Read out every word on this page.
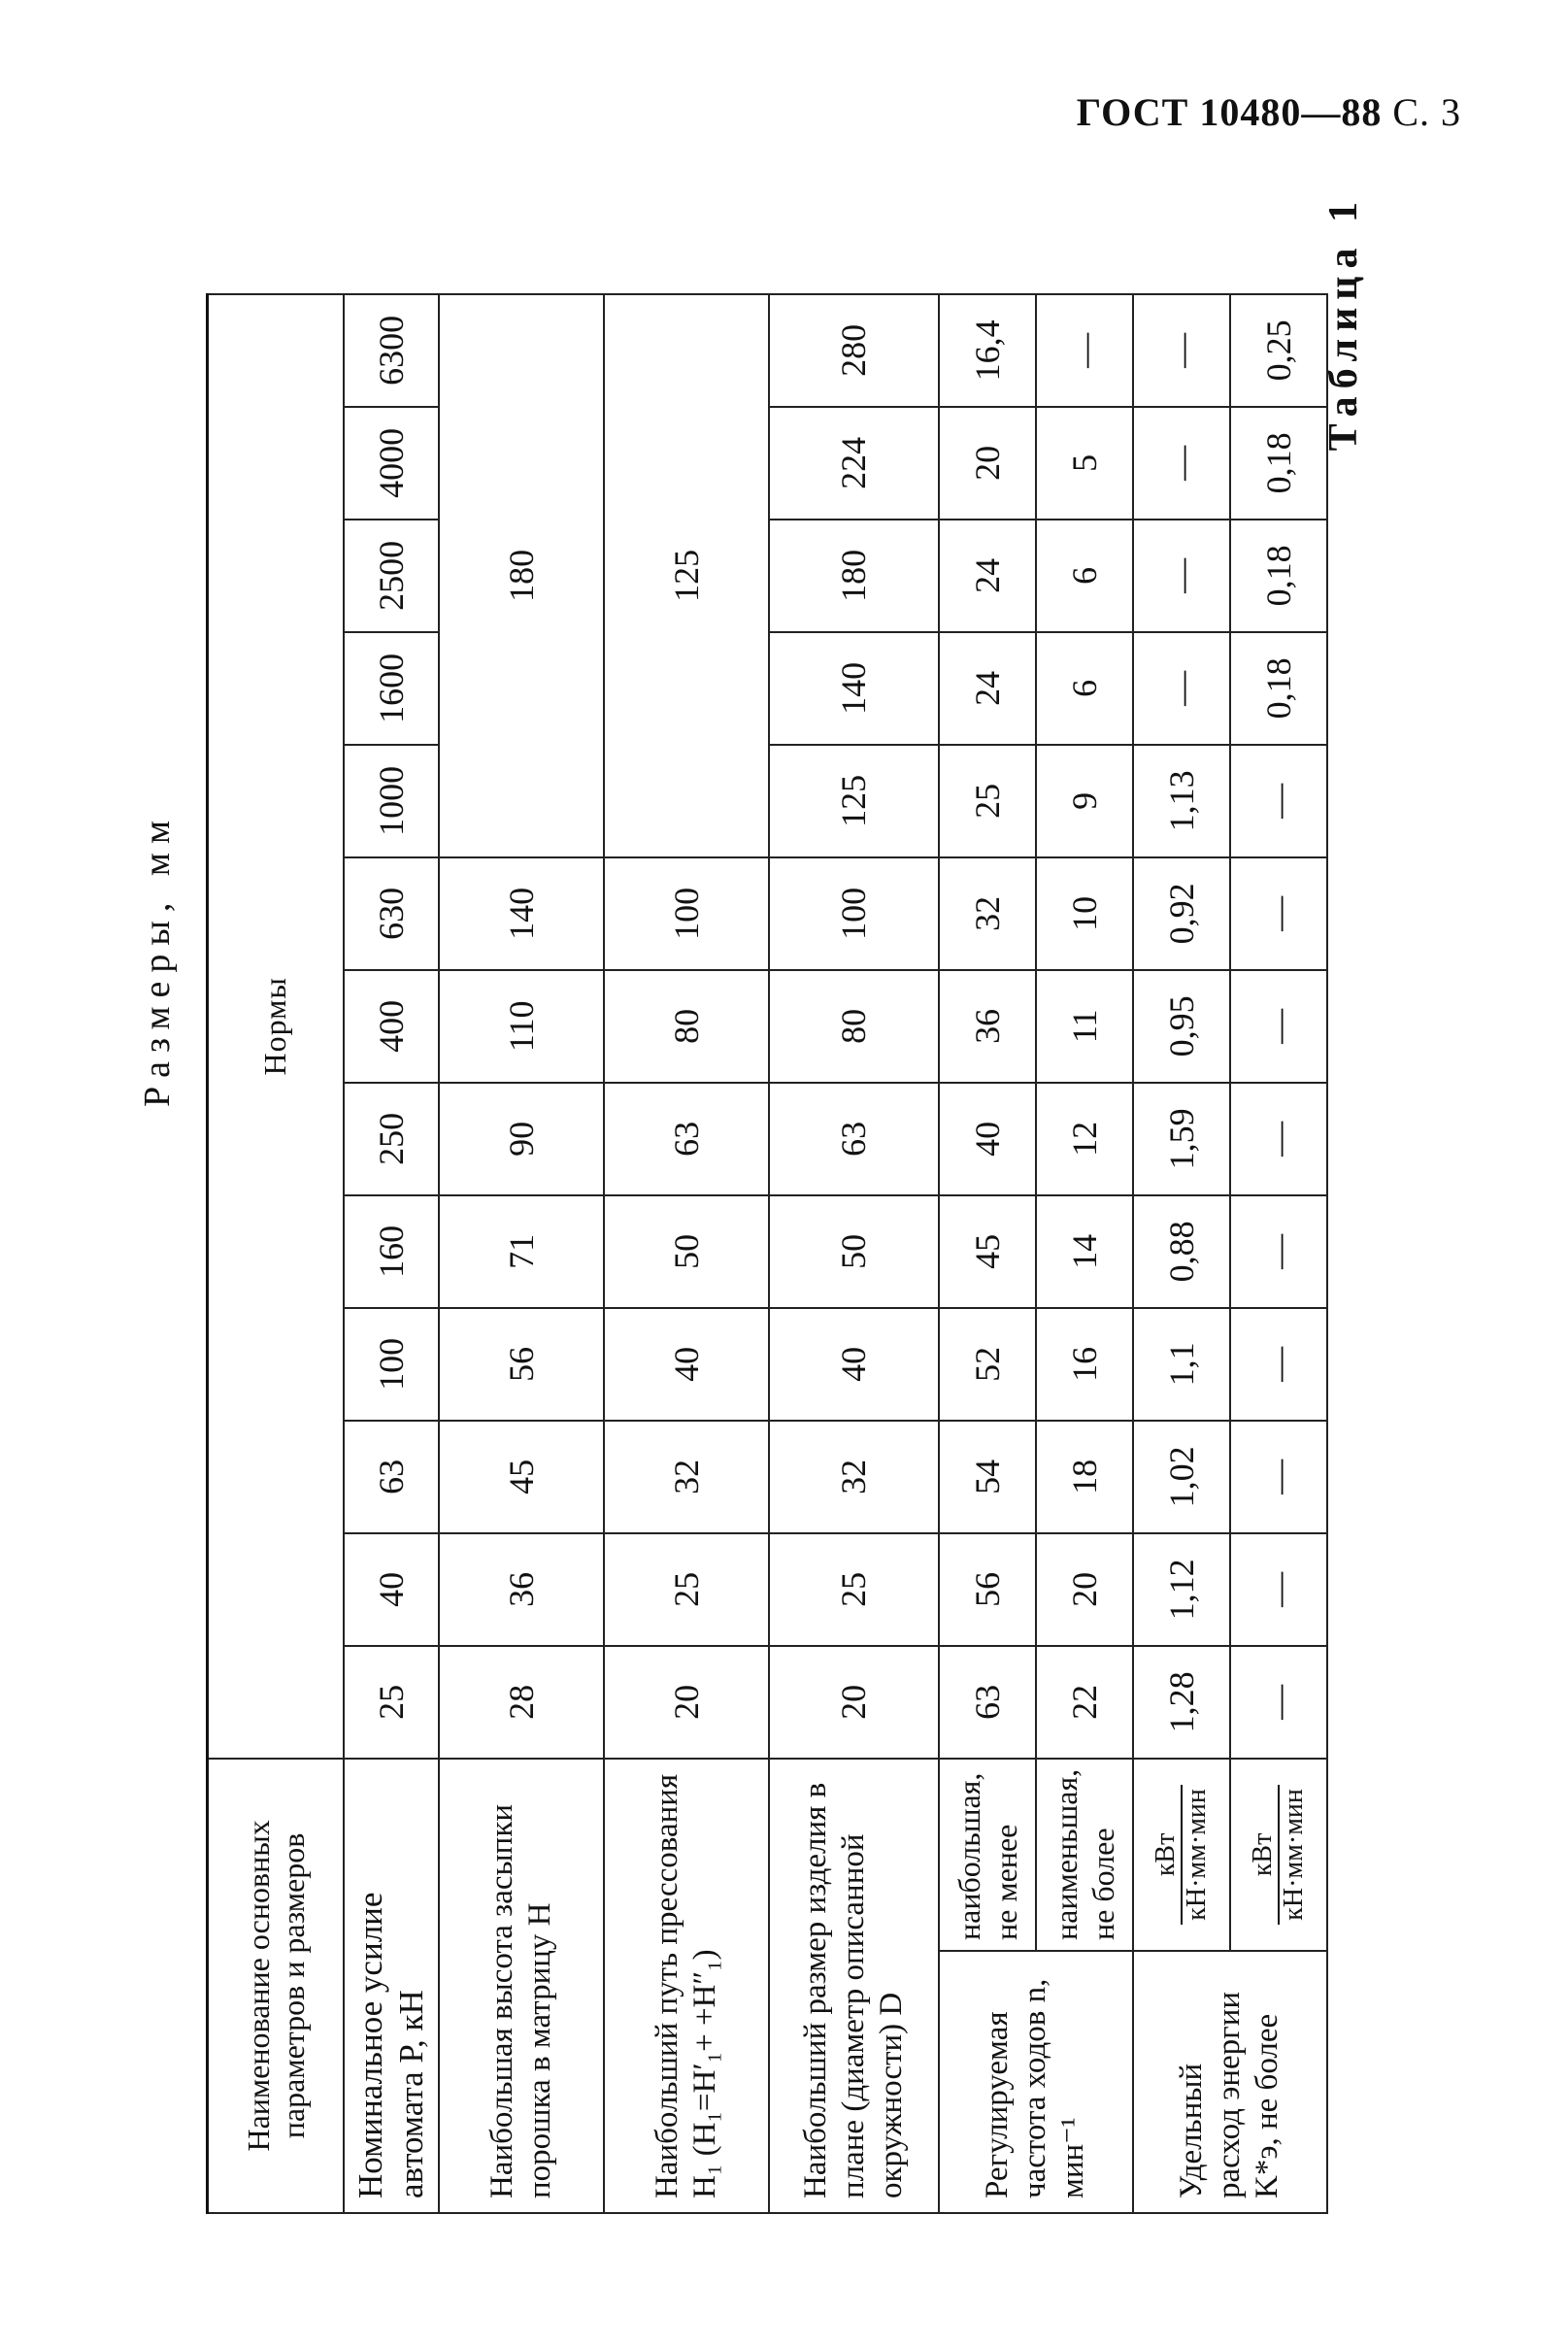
ГОСТ 10480—88 С. 3
Таблица 1
Размеры, мм
Наименование основных параметров и размеров		Нормы												
Номинальное усилие автомата P, кН		25	40	63	100	160	250	400	630	1000	1600	2500	4000	6300
Наибольшая высота засыпки порошка в матрицу H		28	36	45	56	71	90	110	140	180				
Наибольший путь прессования H₁ (H₁=H′₁+ +H″₁)		20	25	32	40	50	63	80	100	125				
Наибольший размер изделия в плане (диаметр описанной окружности) D		20	25	32	40	50	63	80	100	125	140	180	224	280
Регулируемая частота ходов n, мин⁻¹	наибольшая, не менее	63	56	54	52	45	40	36	32	25	24	24	20	16,4
	наименьшая, не более	22	20	18	16	14	12	11	10	9	6	6	5	—
Удельный расход энергии K*э, не более	кВт кН·мм·мин	1,28	1,12	1,02	1,1	0,88	1,59	0,95	0,92	1,13	—	—	—	—

	кВт кН·мм·мин	—	—	—	—	—	—	—	—	—	0,18	0,18	0,18	0,25
